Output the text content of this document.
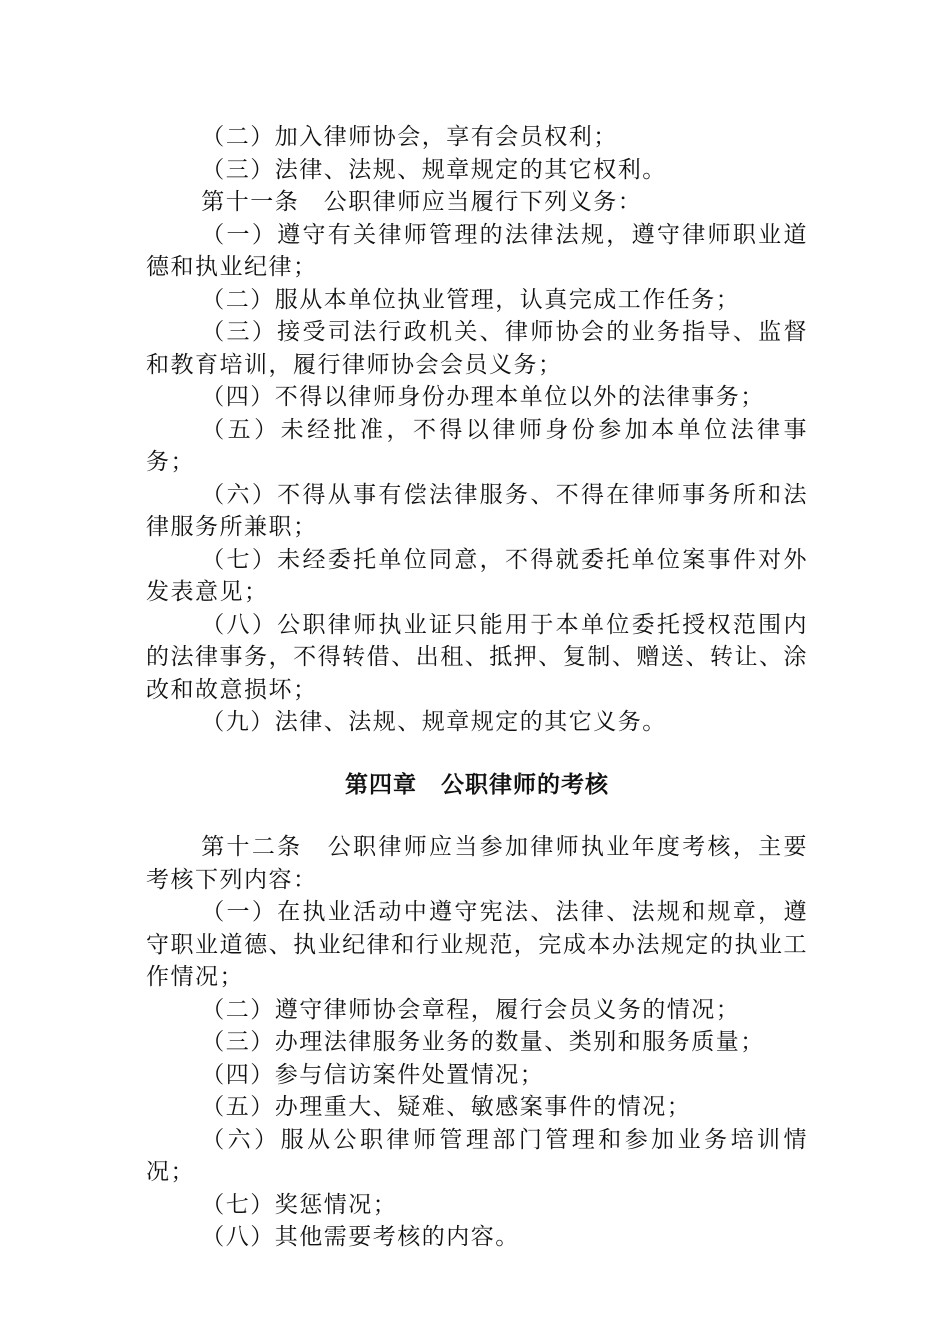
（二）加入律师协会，享有会员权利；

（三）法律、法规、规章规定的其它权利。

第十一条　公职律师应当履行下列义务：

（一）遵守有关律师管理的法律法规，遵守律师职业道德和执业纪律；

（二）服从本单位执业管理，认真完成工作任务；

（三）接受司法行政机关、律师协会的业务指导、监督和教育培训，履行律师协会会员义务；

（四）不得以律师身份办理本单位以外的法律事务；

（五）未经批准，不得以律师身份参加本单位法律事务；

（六）不得从事有偿法律服务、不得在律师事务所和法律服务所兼职；

（七）未经委托单位同意，不得就委托单位案事件对外发表意见；

（八）公职律师执业证只能用于本单位委托授权范围内的法律事务，不得转借、出租、抵押、复制、赠送、转让、涂改和故意损坏；

（九）法律、法规、规章规定的其它义务。

第四章　公职律师的考核

第十二条　公职律师应当参加律师执业年度考核，主要考核下列内容：

（一）在执业活动中遵守宪法、法律、法规和规章，遵守职业道德、执业纪律和行业规范，完成本办法规定的执业工作情况；

（二）遵守律师协会章程，履行会员义务的情况；

（三）办理法律服务业务的数量、类别和服务质量；

（四）参与信访案件处置情况；

（五）办理重大、疑难、敏感案事件的情况；

（六）服从公职律师管理部门管理和参加业务培训情况；

（七）奖惩情况；

（八）其他需要考核的内容。
